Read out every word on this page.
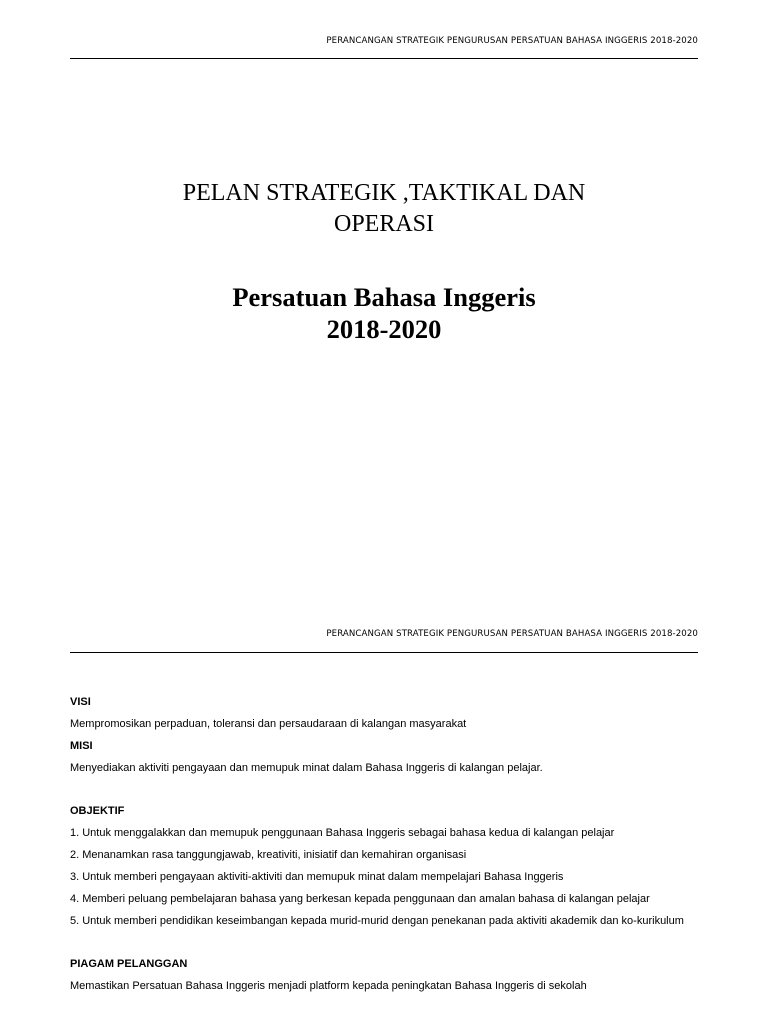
PERANCANGAN STRATEGIK PENGURUSAN PERSATUAN BAHASA INGGERIS 2018-2020
PELAN STRATEGIK ,TAKTIKAL DAN
OPERASI
Persatuan Bahasa Inggeris
2018-2020
PERANCANGAN STRATEGIK PENGURUSAN PERSATUAN BAHASA INGGERIS 2018-2020
VISI
Mempromosikan perpaduan, toleransi dan persaudaraan di kalangan masyarakat
MISI
Menyediakan aktiviti pengayaan dan memupuk minat dalam Bahasa Inggeris di kalangan pelajar.
OBJEKTIF
1. Untuk menggalakkan dan memupuk penggunaan Bahasa Inggeris sebagai bahasa kedua di kalangan pelajar
2. Menanamkan rasa tanggungjawab, kreativiti, inisiatif dan kemahiran organisasi
3. Untuk memberi pengayaan aktiviti-aktiviti dan memupuk minat dalam mempelajari Bahasa Inggeris
4. Memberi peluang pembelajaran bahasa yang berkesan kepada penggunaan dan amalan bahasa di kalangan pelajar
5. Untuk memberi pendidikan keseimbangan kepada murid-murid dengan penekanan pada aktiviti akademik dan ko-kurikulum
PIAGAM PELANGGAN
Memastikan Persatuan Bahasa Inggeris menjadi platform kepada peningkatan Bahasa Inggeris di sekolah
